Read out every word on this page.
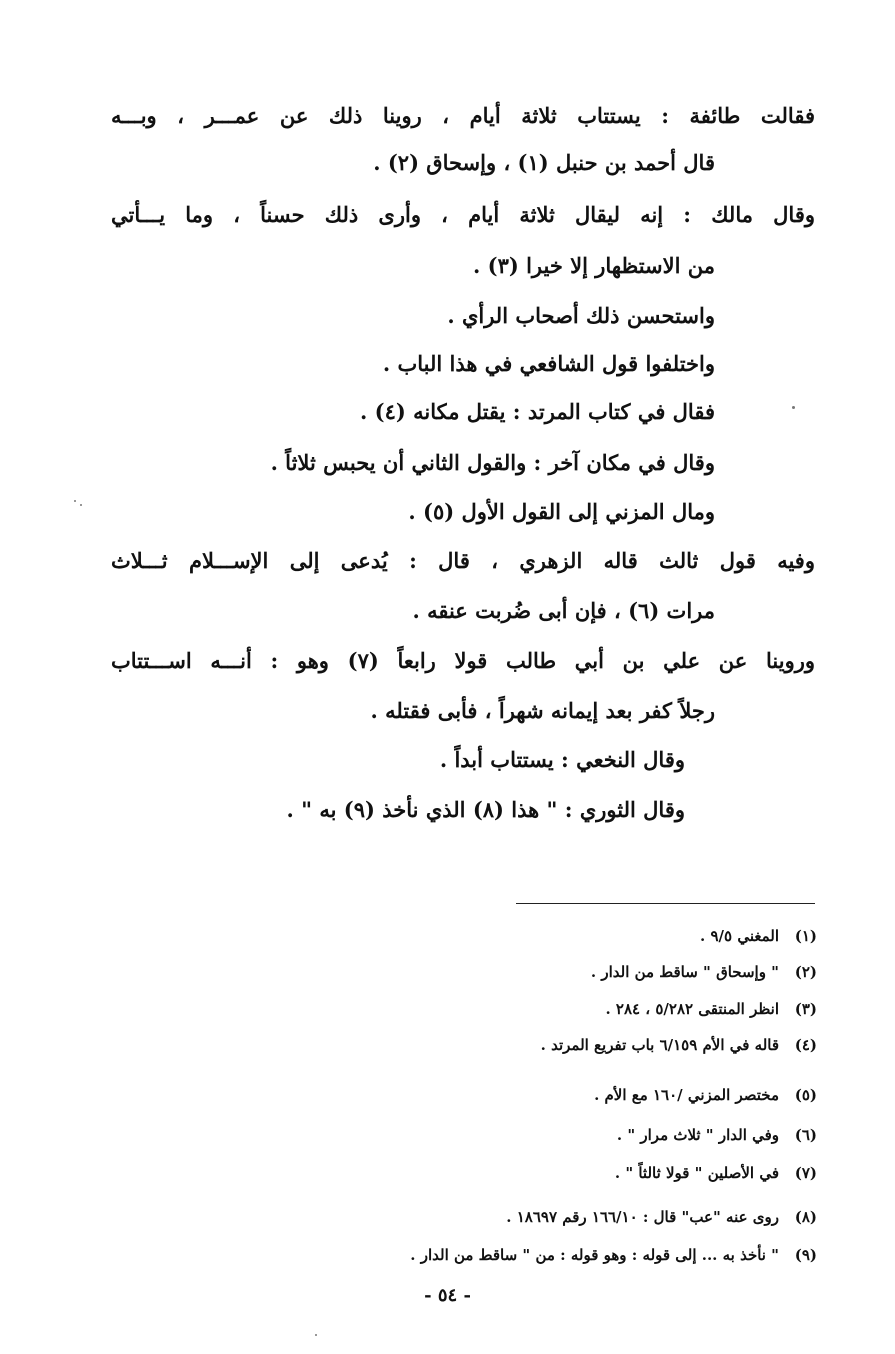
فقالت طائفة : يستتاب ثلاثة أيام ، روينا ذلك عن عمـــر ، وبـــه
قال أحمد بن حنبل (١) ، وإسحاق (٢) .
وقال مالك : إنه ليقال ثلاثة أيام ، وأرى ذلك حسناً ، وما يـــأتي
من الاستظهار إلا خيرا (٣) .
واستحسن ذلك أصحاب الرأي .
واختلفوا قول الشافعي في هذا الباب .
فقال في كتاب المرتد : يقتل مكانه (٤) .
وقال في مكان آخر : والقول الثاني أن يحبس ثلاثاً .
ومال المزني إلى القول الأول (٥) .
وفيه قول ثالث قاله الزهري ، قال : يُدعى إلى الإســـلام ثـــلاث
مرات (٦) ، فإن أبى ضُربت عنقه .
وروينا عن علي بن أبي طالب قولا رابعاً (٧) وهو : أنـــه اســـتتاب
رجلاً كفر بعد إيمانه شهراً ، فأبى فقتله .
وقال النخعي : يستتاب أبداً .
وقال الثوري : " هذا (٨) الذي نأخذ (٩) به " .
(١)المغني ٩/٥ .
(٢)" وإسحاق " ساقط من الدار .
(٣)انظر المنتقى ٥/٢٨٢ ، ٢٨٤ .
(٤)قاله في الأم ٦/١٥٩ باب تفريع المرتد .
(٥)مختصر المزني /١٦٠ مع الأم .
(٦)وفي الدار " ثلاث مرار " .
(٧)في الأصلين " قولا ثالثاً " .
(٨)روى عنه "عب" قال : ١٦٦/١٠ رقم ١٨٦٩٧ .
(٩)" نأخذ به ... إلى قوله : وهو قوله : من " ساقط من الدار .
- ٥٤ -
